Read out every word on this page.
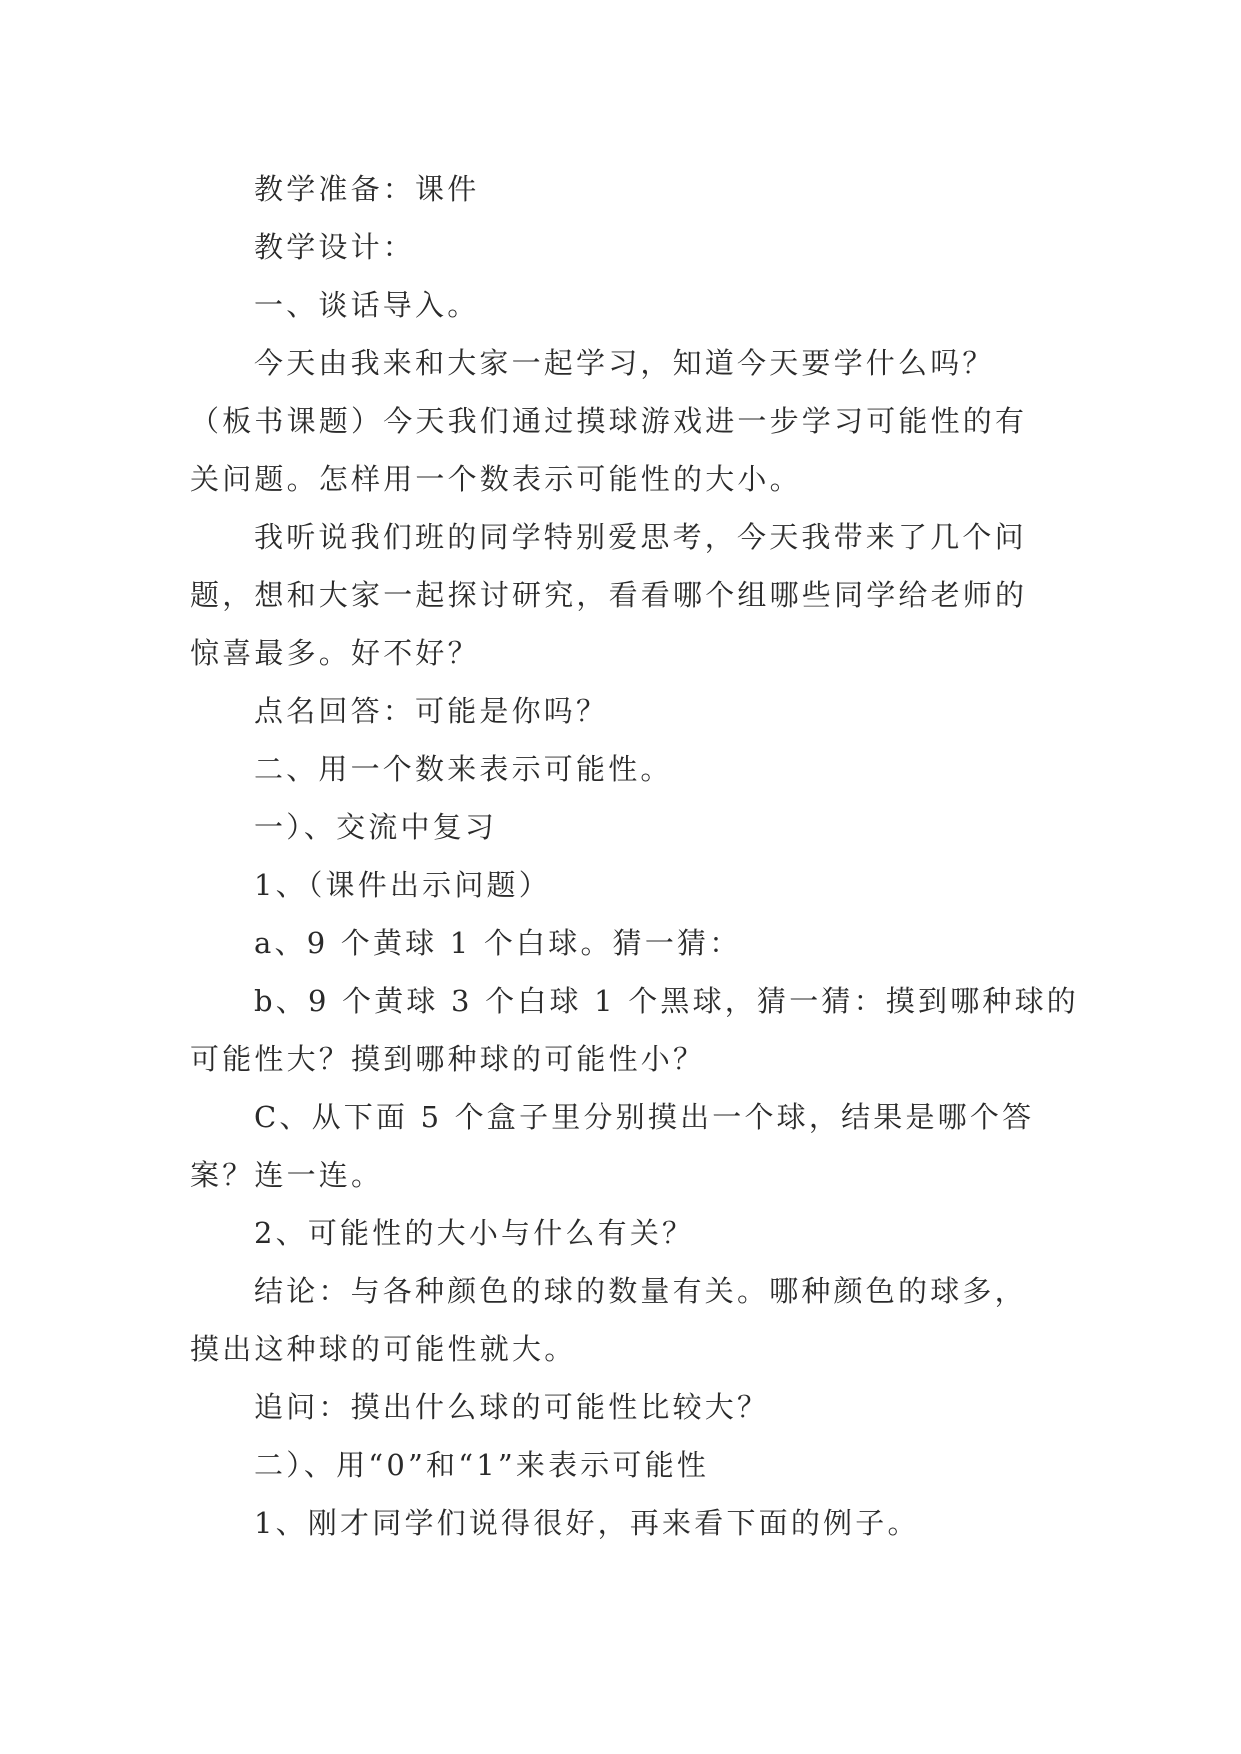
教学准备：课件

教学设计：

一、谈话导入。

今天由我来和大家一起学习，知道今天要学什么吗？

（板书课题）今天我们通过摸球游戏进一步学习可能性的有

关问题。怎样用一个数表示可能性的大小。

我听说我们班的同学特别爱思考，今天我带来了几个问

题，想和大家一起探讨研究，看看哪个组哪些同学给老师的

惊喜最多。好不好？

点名回答：可能是你吗？

二、用一个数来表示可能性。

一）、交流中复习

1、（课件出示问题）

a、9 个黄球 1 个白球。猜一猜：

b、9 个黄球 3 个白球 1 个黑球，猜一猜：摸到哪种球的

可能性大？摸到哪种球的可能性小？

C、从下面 5 个盒子里分别摸出一个球，结果是哪个答

案？连一连。

2、可能性的大小与什么有关？

结论：与各种颜色的球的数量有关。哪种颜色的球多，

摸出这种球的可能性就大。

追问：摸出什么球的可能性比较大？

二）、用“0”和“1”来表示可能性

1、刚才同学们说得很好，再来看下面的例子。
